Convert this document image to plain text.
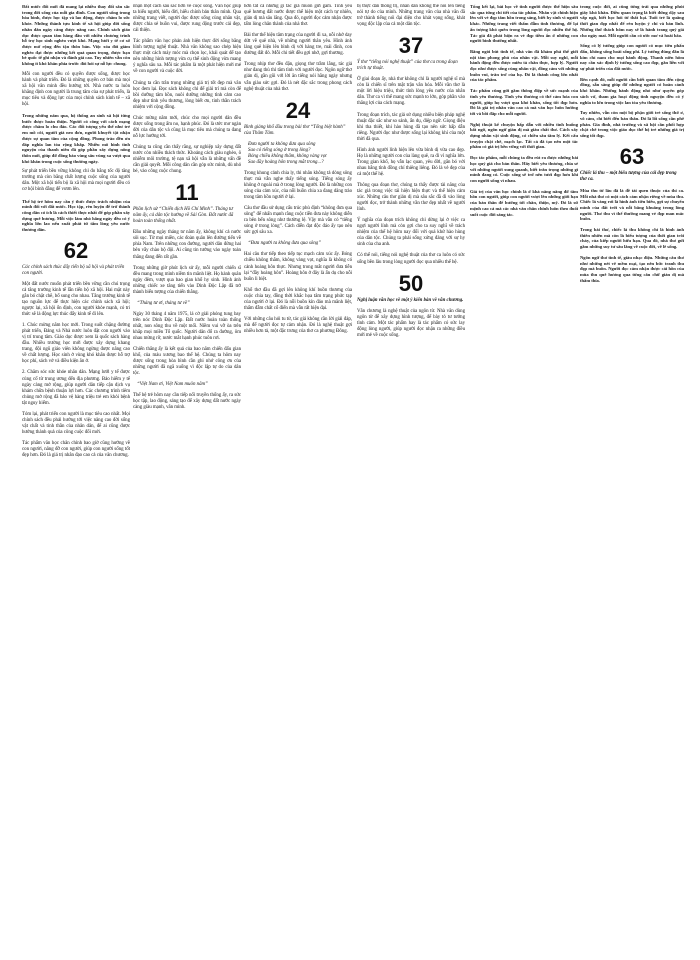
Đất nước đổi mới đã mang lại nhiều thay đổi sâu sắc trong đời sống của mỗi gia đình. Con người sống trong hòa bình, được học tập và lao động, được chăm lo sức khỏe. Những thành tựu kinh tế xã hội giúp đời sống nhân dân ngày càng được nâng cao. Chính sách giáo dục được quan tâm hàng đầu với nhiều chương trình hỗ trợ học sinh nghèo vượt khó. Mạng lưới y tế cơ sở được mở rộng đến tận thôn bản. Việc xóa đói giảm nghèo đạt được những kết quả quan trọng, được bạn bè quốc tế ghi nhận và đánh giá cao. Tuy nhiên vẫn còn không ít khó khăn phía trước đòi hỏi sự nỗ lực chung.
Mỗi con người đều có quyền được sống, được học hành và phát triển. Đó là những quyền cơ bản mà mọi xã hội văn minh đều hướng tới. Nhà nước ta luôn khẳng định con người là trung tâm của sự phát triển, là mục tiêu và động lực của mọi chính sách kinh tế – xã hội.
Trong những năm qua, hệ thống an sinh xã hội từng bước được hoàn thiện. Người có công với cách mạng được chăm lo chu đáo. Các đối tượng yếu thế như trẻ em mồ côi, người già neo đơn, người khuyết tật nhận được sự quan tâm của cộng đồng. Phong trào đền ơn đáp nghĩa lan tỏa rộng khắp. Nhiều mô hình tình nguyện của thanh niên đã góp phần xây dựng nông thôn mới, giúp đỡ đồng bào vùng sâu vùng xa vượt qua khó khăn trong cuộc sống thường ngày.
Sự phát triển bền vững không chỉ đo bằng tốc độ tăng trưởng mà còn bằng chất lượng cuộc sống của người dân. Một xã hội tiến bộ là xã hội mà mọi người đều có cơ hội bình đẳng để vươn lên.
Thế hệ trẻ hôm nay cần ý thức được trách nhiệm của mình đối với đất nước. Học tập, rèn luyện để trở thành công dân có ích là cách thiết thực nhất để góp phần xây dựng quê hương. Mỗi việc làm nhỏ hằng ngày đều có ý nghĩa lớn lao nếu xuất phát từ tấm lòng yêu nước thương dân.
62
Các chính sách thúc đẩy tiến bộ xã hội và phát triển con người.
Một đất nước muốn phát triển bền vững cần chú trọng cả tăng trưởng kinh tế lẫn tiến bộ xã hội. Hai mặt này gắn bó chặt chẽ, bổ sung cho nhau. Tăng trưởng kinh tế tạo nguồn lực để thực hiện các chính sách xã hội; ngược lại, xã hội ổn định, con người khỏe mạnh, có tri thức sẽ là động lực thúc đẩy kinh tế đi lên.
1. Chúc mừng năm học mới. Trong suốt chặng đường phát triển, Đảng và Nhà nước luôn đặt con người vào vị trí trung tâm. Giáo dục được xem là quốc sách hàng đầu. Nhiều trường học mới được xây dựng khang trang, đội ngũ giáo viên không ngừng được nâng cao về chất lượng. Học sinh ở vùng khó khăn được hỗ trợ học phí, sách vở và điều kiện ăn ở.
2. Chăm sóc sức khỏe nhân dân. Mạng lưới y tế được củng cố từ trung ương đến địa phương. Bảo hiểm y tế ngày càng mở rộng, giúp người dân tiếp cận dịch vụ khám chữa bệnh thuận lợi hơn. Các chương trình tiêm chủng mở rộng đã bảo vệ hàng triệu trẻ em khỏi bệnh tật nguy hiểm.
Tóm lại, phát triển con người là mục tiêu cao nhất. Mọi chính sách đều phải hướng tới việc nâng cao đời sống vật chất và tinh thần của nhân dân, để ai cũng được hưởng thành quả của công cuộc đổi mới.
Tác phẩm văn học chân chính bao giờ cũng hướng về con người, nâng đỡ con người, giúp con người sống tốt đẹp hơn. Đó là giá trị nhân đạo cao cả của văn chương.
nhận một cách sâu sắc hơn về cuộc sống. Văn học giúp ta hiểu người, hiểu đời, hiểu chính bản thân mình. Qua những trang viết, người đọc được sống cùng nhân vật, được chia sẻ buồn vui, được rung động trước cái đẹp, cái thiện.
Tác phẩm văn học phản ánh hiện thực đời sống bằng hình tượng nghệ thuật. Nhà văn không sao chép hiện thực một cách máy móc mà chọn lọc, khái quát để tạo nên những hình tượng vừa cụ thể sinh động vừa mang ý nghĩa sâu xa. Mỗi tác phẩm là một phát hiện mới mẻ về con người và cuộc đời.
Chúng ta cần trân trọng những giá trị tốt đẹp mà văn học đem lại. Đọc sách không chỉ để giải trí mà còn để bồi dưỡng tâm hồn, nuôi dưỡng những tình cảm cao đẹp như tình yêu thương, lòng biết ơn, tinh thần trách nhiệm với cộng đồng.
Chúc mừng năm mới, chúc cho mọi người dân đều được sống trong ấm no, hạnh phúc. Đó là ước mơ ngàn đời của dân tộc và cũng là mục tiêu mà chúng ta đang nỗ lực hướng tới.
Chúng ta cũng cần thấy rằng, sự nghiệp xây dựng đất nước còn nhiều thách thức. Khoảng cách giàu nghèo, ô nhiễm môi trường, tệ nạn xã hội vẫn là những vấn đề cần giải quyết. Mỗi công dân cần góp sức mình, dù nhỏ bé, vào công cuộc chung.
11
Phần lịch sử “Chiến dịch Hồ Chí Minh”. Tháng tư năm ấy, cả dân tộc hướng về Sài Gòn. Đất nước đã hoàn toàn thống nhất.
Đầu những ngày tháng tư năm ấy, không khí cả nước sôi sục. Từ mọi miền, các đoàn quân lên đường tiến về phía Nam. Trên những con đường, người dân đứng hai bên vẫy chào bộ đội. Ai cũng tin tưởng vào ngày toàn thắng đang đến rất gần.
Trong những giờ phút lịch sử ấy, mỗi người chiến sĩ đều mang trong mình niềm tin mãnh liệt. Họ hành quân ngày đêm, vượt qua bao gian khổ hy sinh. Hình ảnh những chiếc xe tăng tiến vào Dinh Độc Lập đã trở thành biểu tượng của chiến thắng.
“Tháng tư ơi, tháng tư về”
Ngày 30 tháng 4 năm 1975, lá cờ giải phóng tung bay trên nóc Dinh Độc Lập. Đất nước hoàn toàn thống nhất, non sông thu về một mối. Niềm vui vỡ òa trên khắp mọi miền Tổ quốc. Người dân đổ ra đường, ôm nhau mừng rỡ, nước mắt hạnh phúc tuôn rơi.
Chiến thắng ấy là kết quả của bao năm chiến đấu gian khổ, của máu xương bao thế hệ. Chúng ta hôm nay được sống trong hòa bình cần ghi nhớ công ơn của những người đã ngã xuống vì độc lập tự do của dân tộc.
“Việt Nam ơi, Việt Nam muôn năm”
Thế hệ trẻ hôm nay cần tiếp nối truyền thống ấy, ra sức học tập, lao động, sáng tạo để xây dựng đất nước ngày càng giàu mạnh, văn minh.
hơn tất cả những gì tác giả muốn gửi gắm. Tình yêu quê hương đất nước được thể hiện một cách tự nhiên, giản dị mà sâu lắng. Qua đó, người đọc cảm nhận được tấm lòng chân thành của nhà thơ.
Bài thơ thể hiện tâm trạng của người đi xa, nỗi nhớ day dứt về quê nhà, về những người thân yêu. Hình ảnh làng quê hiện lên bình dị với hàng tre, mái đình, con đường đất đỏ. Mỗi chi tiết đều gợi nhớ, gợi thương.
Trong nhịp thơ đều đặn, giọng thơ trầm lắng, tác giả như đang thủ thỉ tâm tình với người đọc. Ngôn ngữ thơ giản dị, gần gũi với lời ăn tiếng nói hằng ngày nhưng vẫn giàu sức gợi. Đó là nét đặc sắc trong phong cách nghệ thuật của nhà thơ.
24
Bình giảng khổ đầu trong bài thơ “Tống biệt hành” của Thâm Tâm.
Đưa người ta không đưa qua sông
Sao có tiếng sóng ở trong lòng?
Bóng chiều không thắm, không vàng vọt
Sao đầy hoàng hôn trong mắt trong...?
Trong khung cảnh chia ly, thi nhân không tả dòng sông thực mà vẫn nghe thấy tiếng sóng. Tiếng sóng ấy không ở ngoài mà ở trong lòng người. Đó là những con sóng của cảm xúc, của nỗi buồn chia xa đang dâng trào trong tâm hồn người ở lại.
Câu thơ đầu sử dụng cấu trúc phủ định “không đưa qua sông” để nhấn mạnh rằng cuộc tiễn đưa này không diễn ra bên bến sông như thường lệ. Vậy mà vẫn có “tiếng sóng ở trong lòng”. Cách diễn đạt độc đáo ấy tạo nên sức gợi sâu xa.
“Đưa người ta không đưa qua sông”
Hai câu thơ tiếp theo tiếp tục mạch cảm xúc ấy. Bóng chiều không thắm, không vàng vọt, nghĩa là không có cảnh hoàng hôn thực. Nhưng trong mắt người đưa tiễn lại “đầy hoàng hôn”. Hoàng hôn ở đây là ẩn dụ cho nỗi buồn li biệt.
Khổ thơ đầu đã gợi lên không khí buồn thương của cuộc chia tay, đồng thời khắc họa tâm trạng phức tạp của người ở lại. Đó là nỗi buồn kín đáo mà mãnh liệt, thấm đẫm chất cổ điển mà vẫn rất hiện đại.
Với những câu hỏi tu từ, tác giả không cần lời giải đáp, mà để người đọc tự cảm nhận. Đó là nghệ thuật gợi nhiều hơn tả, một đặc trưng của thơ ca phương Đông.
bị thực dân thống trị, nhân dân không thể nói lên tiếng nói tự do của mình. Những trang văn của nhà văn đã trở thành tiếng nói đại diện cho khát vọng sống, khát vọng độc lập của cả một dân tộc.
37
Ý thơ “tiếng nói nghệ thuật” của thơ ca trong đoạn trích tự thuật.
Ở giai đoạn ấy, nhà thơ không chỉ là người nghệ sĩ mà còn là chiến sĩ trên mặt trận văn hóa. Mỗi vần thơ là một lời hiệu triệu, thức tỉnh lòng yêu nước của nhân dân. Thơ ca vì thế mang sức mạnh to lớn, góp phần vào thắng lợi của cách mạng.
Trong đoạn trích, tác giả sử dụng nhiều biện pháp nghệ thuật đặc sắc như so sánh, ẩn dụ, điệp ngữ. Giọng điệu khi tha thiết, khi hào hùng đã tạo nên sức hấp dẫn riêng. Người đọc như được sống lại không khí của một thời đã qua.
Hình ảnh người lính hiện lên vừa bình dị vừa cao đẹp. Họ là những người con của làng quê, ra đi vì nghĩa lớn. Trong gian khổ, họ vẫn lạc quan, yêu đời, gắn bó với nhau bằng tình đồng chí thiêng liêng. Đó là vẻ đẹp của cả một thế hệ.
Thông qua đoạn thơ, chúng ta thấy được tài năng của tác giả trong việc tái hiện hiện thực và thể hiện cảm xúc. Những câu thơ giản dị mà sâu sắc đã đi vào lòng người đọc, trở thành những vần thơ đẹp nhất về người lính.
Ý nghĩa của đoạn trích không chỉ dừng lại ở việc ca ngợi người lính mà còn gợi cho ta suy nghĩ về trách nhiệm của thế hệ hôm nay đối với quá khứ hào hùng của dân tộc. Chúng ta phải sống xứng đáng với sự hy sinh của cha anh.
Có thể nói, tiếng nói nghệ thuật của thơ ca luôn có sức sống bền lâu trong lòng người đọc qua nhiều thế hệ.
50
Nghị luận văn học về một ý kiến bàn về văn chương.
Văn chương là nghệ thuật của ngôn từ. Nhà văn dùng ngôn từ để xây dựng hình tượng, để bày tỏ tư tưởng tình cảm. Một tác phẩm hay là tác phẩm có sức lay động lòng người, giúp người đọc nhận ra những điều mới mẻ về cuộc sống.
Tổng kết lại, bài học về tình người được thể hiện sâu sắc qua từng chi tiết của tác phẩm. Nhân vật chính hiện lên với vẻ đẹp tâm hồn trong sáng, biết hy sinh vì người khác. Những trang viết thấm đẫm tình thương, để lại ấn tượng khó quên trong lòng người đọc nhiều thế hệ. Tác giả đã phát hiện ra vẻ đẹp tiềm ẩn ở những con người bình thường nhất.
Bằng ngòi bút tinh tế, nhà văn đã khám phá thế giới nội tâm phong phú của nhân vật. Mỗi suy nghĩ, mỗi hành động đều được miêu tả chân thực, hợp lý. Người đọc như được sống cùng nhân vật, đồng cảm với những buồn vui, trăn trở của họ. Đó là thành công lớn nhất của tác phẩm.
Tác phẩm cũng gửi gắm thông điệp về sức mạnh của tình yêu thương. Tình yêu thương có thể cảm hóa con người, giúp họ vượt qua khó khăn, sống tốt đẹp hơn. Đó là giá trị nhân văn cao cả mà văn học luôn hướng tới và bồi đắp cho mỗi người.
Nghệ thuật kể chuyện hấp dẫn với nhiều tình huống bất ngờ, ngôn ngữ giản dị mà giàu chất thơ. Cách xây dựng nhân vật sinh động, có chiều sâu tâm lý. Kết cấu truyện chặt chẽ, mạch lạc. Tất cả đã tạo nên một tác phẩm có giá trị bền vững với thời gian.
Đọc tác phẩm, mỗi chúng ta đều rút ra được những bài học quý giá cho bản thân. Hãy biết yêu thương, chia sẻ với những người xung quanh, biết trân trọng những gì mình đang có. Cuộc sống sẽ trở nên tươi đẹp hơn khi con người sống vì nhau.
Giá trị của văn học chính là ở khả năng nâng đỡ tâm hồn con người, giúp con người vượt lên những giới hạn của bản thân để hướng tới chân, thiện, mỹ. Đó là sứ mệnh cao cả mà các nhà văn chân chính luôn theo đuổi suốt cuộc đời sáng tác.
trong cuộc đời, ai cũng từng trải qua những phút giây khó khăn. Điều quan trọng là biết đứng dậy sau vấp ngã, biết học hỏi từ thất bại. Tuổi trẻ là quãng thời gian đẹp nhất để rèn luyện ý chí và bản lĩnh. Những thử thách hôm nay sẽ là hành trang quý giá cho ngày mai. Mỗi người cần có ước mơ và hoài bão.
Sống có lý tưởng giúp con người có mục tiêu phấn đấu, không sống hoài sống phí. Lý tưởng đúng đắn là kim chỉ nam cho mọi hành động. Thanh niên hôm nay cần xác định lý tưởng sống cao đẹp, gắn liền với sự phát triển của đất nước.
Bên cạnh đó, mỗi người cần biết quan tâm đến cộng đồng, sẵn sàng giúp đỡ những người có hoàn cảnh khó khăn. Những hành động nhỏ như quyên góp sách vở, tham gia hoạt động tình nguyện đều có ý nghĩa to lớn trong việc lan tỏa yêu thương.
Tuy nhiên, vẫn còn một bộ phận giới trẻ sống thờ ơ, vô cảm, chỉ biết đến bản thân. Đó là lối sống cần phê phán. Gia đình, nhà trường và xã hội cần phối hợp chặt chẽ trong việc giáo dục thế hệ trẻ những giá trị sống tốt đẹp.
63
Chiếc lá thu – một biểu tượng của cái đẹp trong thơ ca.
Mùa thu từ lâu đã là đề tài quen thuộc của thi ca. Mỗi nhà thơ có một cách cảm nhận riêng về mùa thu. Chiếc lá vàng rơi là hình ảnh tiêu biểu, gợi sự chuyển mình của đất trời và nỗi bâng khuâng trong lòng người. Thơ thu vì thế thường mang vẻ đẹp man mác buồn.
Trong bài thơ, chiếc lá thu không chỉ là hình ảnh thiên nhiên mà còn là biểu tượng của thời gian trôi chảy, của kiếp người hữu hạn. Qua đó, nhà thơ gửi gắm những suy tư sâu lắng về cuộc đời, về lẽ sống.
Ngôn ngữ thơ tinh tế, giàu nhạc điệu. Những câu thơ như những nét vẽ mềm mại, tạo nên bức tranh thu đẹp mà buồn. Người đọc cảm nhận được cái hồn của mùa thu quê hương qua từng câu chữ giản dị mà thấm thía.
